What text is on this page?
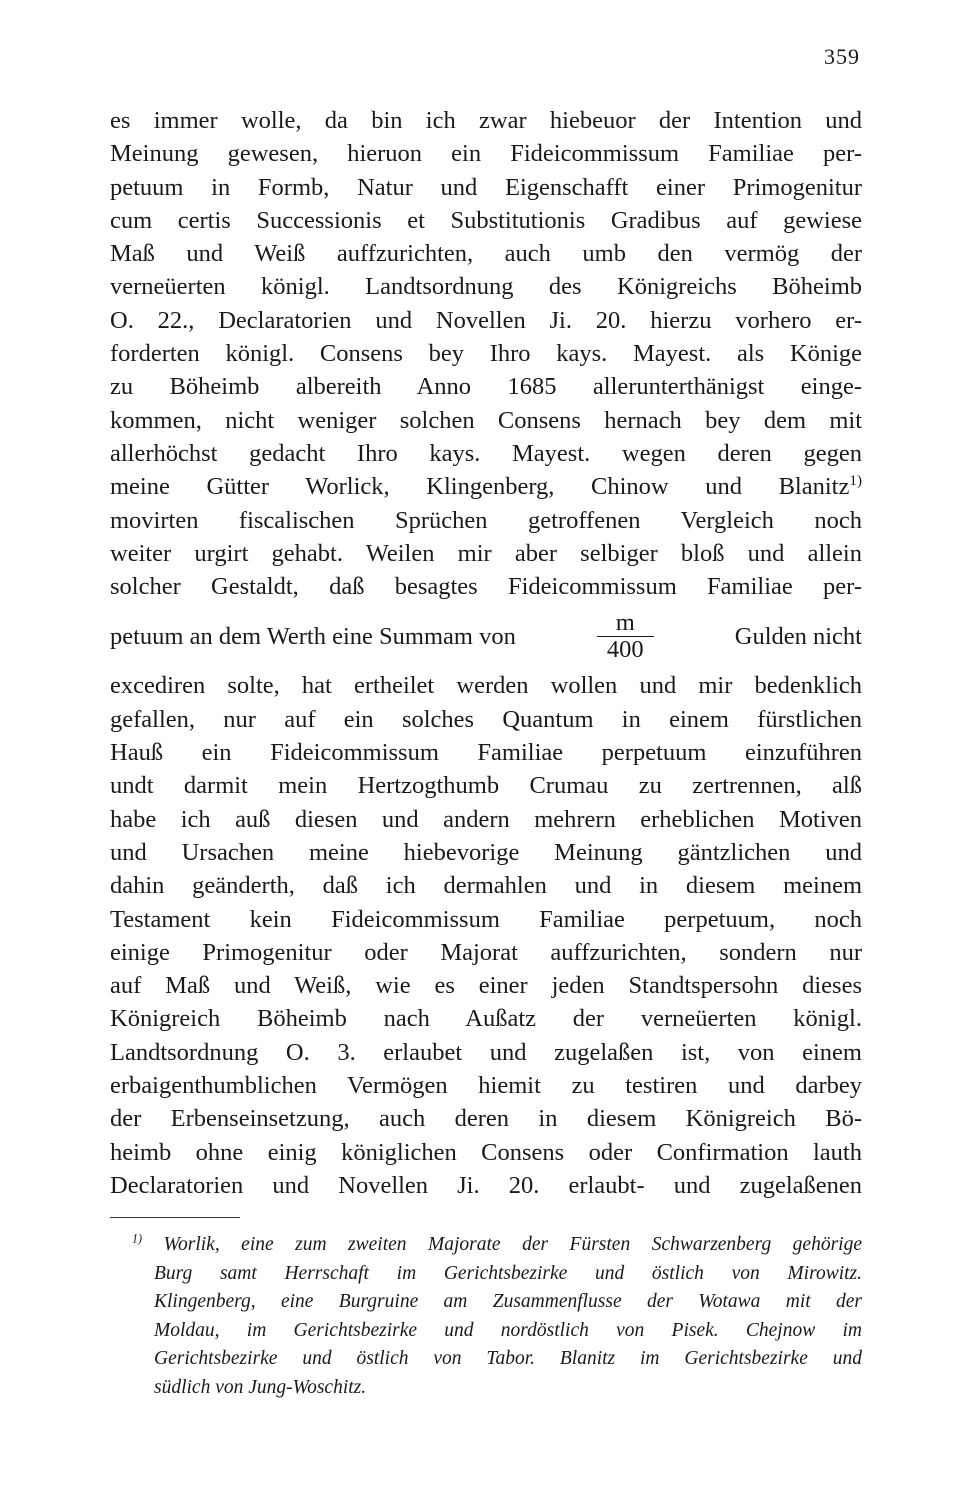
359
es immer wolle, da bin ich zwar hiebeuor der Intention und
Meinung gewesen, hieruon ein Fideicommissum Familiae per-
petuum in Formb, Natur und Eigenschafft einer Primogenitur
cum certis Successionis et Substitutionis Gradibus auf gewiese
Maß und Weiß auffzurichten, auch umb den vermög der
verneüerten königl. Landtsordnung des Königreichs Böheimb
O. 22., Declaratorien und Novellen Ji. 20. hierzu vorhero er-
forderten königl. Consens bey Ihro kays. Mayest. als Könige
zu Böheimb albereith Anno 1685 allerunterthänigst einge-
kommen, nicht weniger solchen Consens hernach bey dem mit
allerhöchst gedacht Ihro kays. Mayest. wegen deren gegen
meine Gütter Worlick, Klingenberg, Chinow und Blanitz$^{1)}$
movirten fiscalischen Sprüchen getroffenen Vergleich noch
weiter urgirt gehabt. Weilen mir aber selbiger bloß und allein
solcher Gestaldt, daß besagtes Fideicommissum Familiae per-
petuum an dem Werth eine Summam von	$\frac{m}{400}$	Gulden nicht
excediren solte, hat ertheilet werden wollen und mir bedenklich
gefallen, nur auf ein solches Quantum in einem fürstlichen
Hauß ein Fideicommissum Familiae perpetuum einzuführen
undt darmit mein Hertzogthumb Crumau zu zertrennen, alß
habe ich auß diesen und andern mehrern erheblichen Motiven
und Ursachen meine hiebevorige Meinung gäntzlichen und
dahin geänderth, daß ich dermahlen und in diesem meinem
Testament kein Fideicommissum Familiae perpetuum, noch
einige Primogenitur oder Majorat auffzurichten, sondern nur
auf Maß und Weiß, wie es einer jeden Standtspersohn dieses
Königreich Böheimb nach Außatz der verneüerten königl.
Landtsordnung O. 3. erlaubet und zugelaßen ist, von einem
erbaigenthumblichen Vermögen hiemit zu testiren und darbey
der Erbenseinsetzung, auch deren in diesem Königreich Bö-
heimb ohne einig königlichen Consens oder Confirmation lauth
Declaratorien und Novellen Ji. 20. erlaubt- und zugelaßenen
$^{1)}$ Worlik, eine zum zweiten Majorate der Fürsten Schwarzenberg gehörige
Burg samt Herrschaft im Gerichtsbezirke und östlich von Mirowitz.
Klingenberg, eine Burgruine am Zusammenflusse der Wotawa mit der
Moldau, im Gerichtsbezirke und nordöstlich von Pisek. Chejnow im
Gerichtsbezirke und östlich von Tabor. Blanitz im Gerichtsbezirke und
südlich von Jung-Woschitz.
